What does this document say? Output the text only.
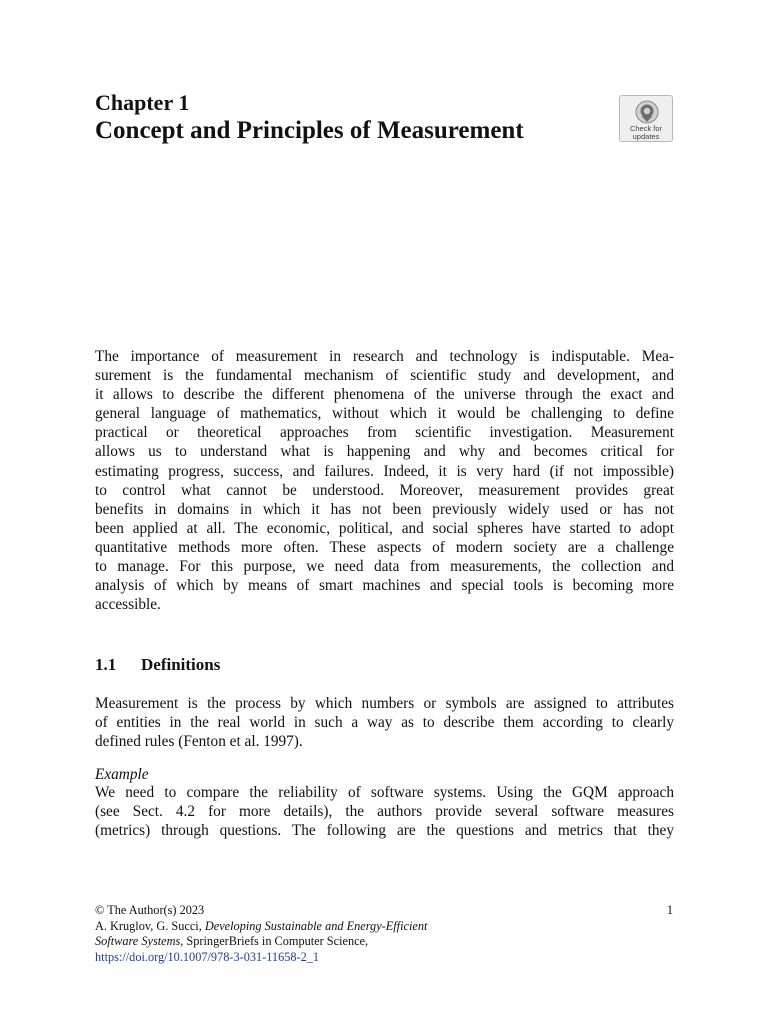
Chapter 1
Concept and Principles of Measurement	Check for
updates
The importance of measurement in research and technology is indisputable. Mea-
surement is the fundamental mechanism of scientific study and development, and
it allows to describe the different phenomena of the universe through the exact and
general language of mathematics, without which it would be challenging to define
practical or theoretical approaches from scientific investigation. Measurement
allows us to understand what is happening and why and becomes critical for
estimating progress, success, and failures. Indeed, it is very hard (if not impossible)
to control what cannot be understood. Moreover, measurement provides great
benefits in domains in which it has not been previously widely used or has not
been applied at all. The economic, political, and social spheres have started to adopt
quantitative methods more often. These aspects of modern society are a challenge
to manage. For this purpose, we need data from measurements, the collection and
analysis of which by means of smart machines and special tools is becoming more
accessible.
1.1 Definitions
Measurement is the process by which numbers or symbols are assigned to attributes
of entities in the real world in such a way as to describe them according to clearly
defined rules (Fenton et al. 1997).
Example
We need to compare the reliability of software systems. Using the GQM approach
(see Sect. 4.2 for more details), the authors provide several software measures
(metrics) through questions. The following are the questions and metrics that they
© The Author(s) 2023
A. Kruglov, G. Succi, Developing Sustainable and Energy-Efficient
Software Systems, SpringerBriefs in Computer Science,
https://doi.org/10.1007/978-3-031-11658-2_1
1
